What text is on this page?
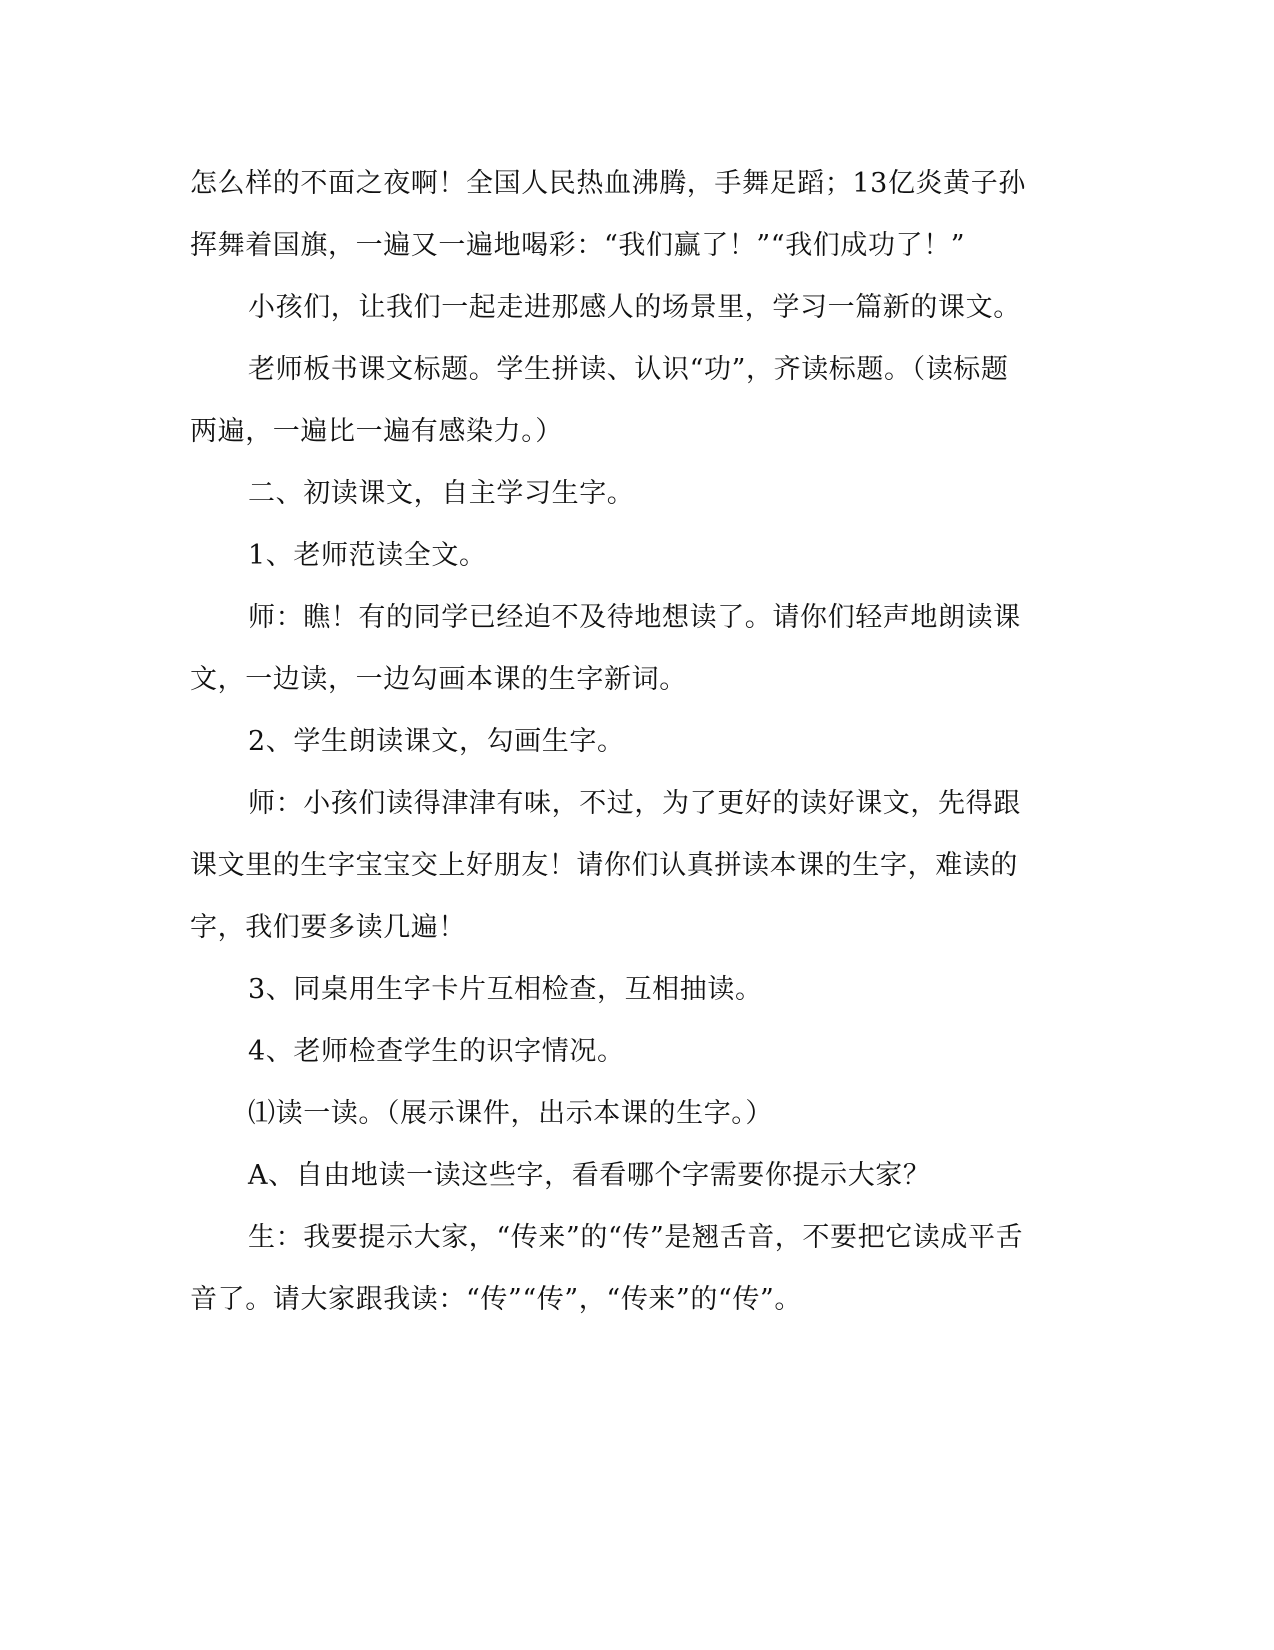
怎么样的不面之夜啊！全国人民热血沸腾，手舞足蹈；13亿炎黄子孙
挥舞着国旗，一遍又一遍地喝彩：“我们赢了！”“我们成功了！”
小孩们，让我们一起走进那感人的场景里，学习一篇新的课文。
老师板书课文标题。学生拼读、认识“功”，齐读标题。（读标题
两遍，一遍比一遍有感染力。）
二、初读课文，自主学习生字。
1、老师范读全文。
师：瞧！有的同学已经迫不及待地想读了。请你们轻声地朗读课
文，一边读，一边勾画本课的生字新词。
2、学生朗读课文，勾画生字。
师：小孩们读得津津有味，不过，为了更好的读好课文，先得跟
课文里的生字宝宝交上好朋友！请你们认真拼读本课的生字，难读的
字，我们要多读几遍！
3、同桌用生字卡片互相检查，互相抽读。
4、老师检查学生的识字情况。
⑴读一读。（展示课件，出示本课的生字。）
A、自由地读一读这些字，看看哪个字需要你提示大家？
生：我要提示大家，“传来”的“传”是翘舌音，不要把它读成平舌
音了。请大家跟我读：“传”“传”，“传来”的“传”。
